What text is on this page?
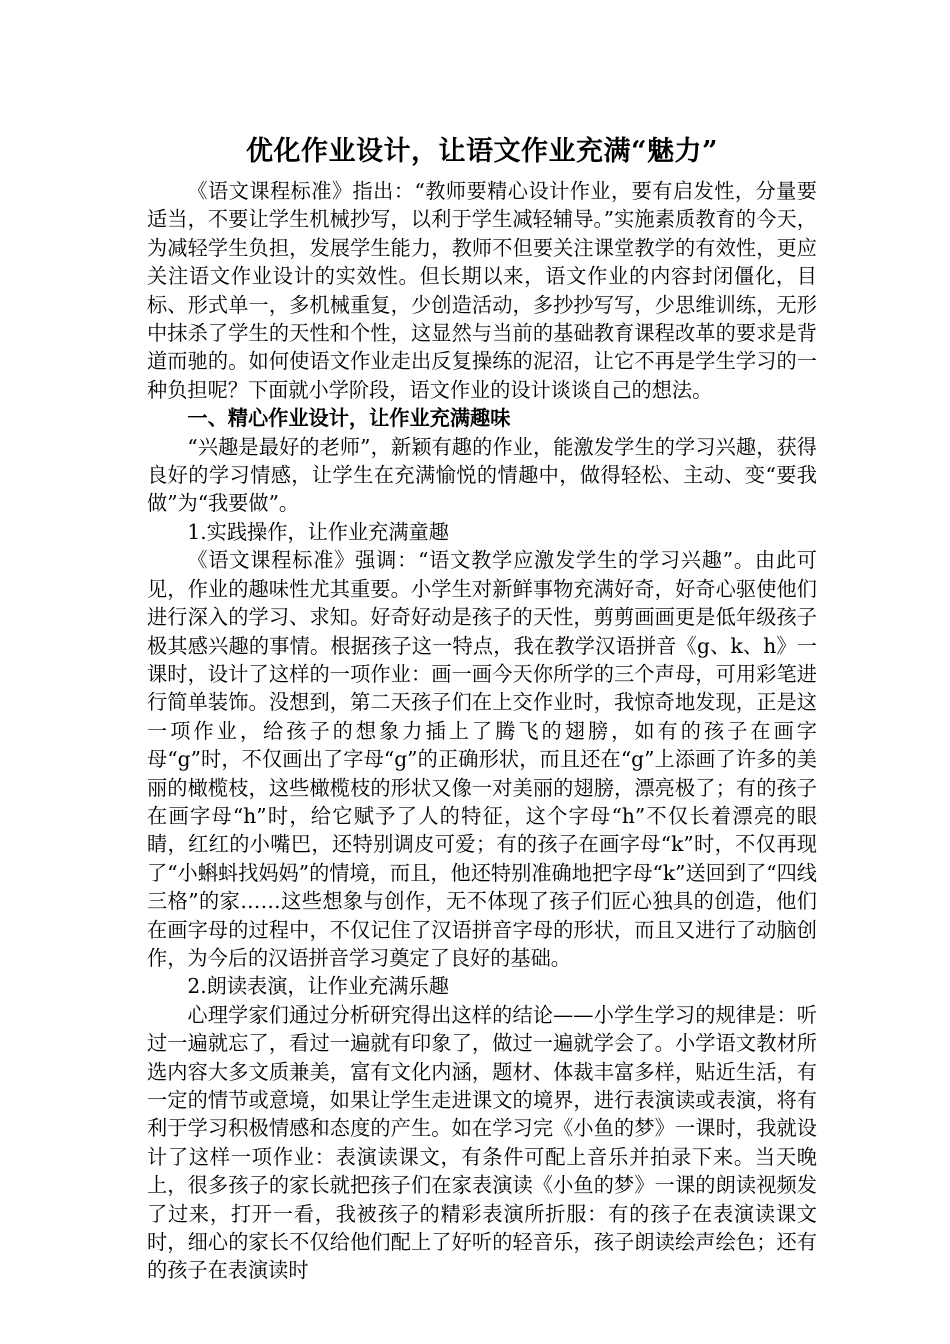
优化作业设计，让语文作业充满“魅力”

《语文课程标准》指出：“教师要精心设计作业，要有启发性，分量要适当，不要让学生机械抄写，以利于学生减轻辅导。”实施素质教育的今天，为减轻学生负担，发展学生能力，教师不但要关注课堂教学的有效性，更应关注语文作业设计的实效性。但长期以来，语文作业的内容封闭僵化，目标、形式单一，多机械重复，少创造活动，多抄抄写写，少思维训练，无形中抹杀了学生的天性和个性，这显然与当前的基础教育课程改革的要求是背道而驰的。如何使语文作业走出反复操练的泥沼，让它不再是学生学习的一种负担呢？下面就小学阶段，语文作业的设计谈谈自己的想法。

一、精心作业设计，让作业充满趣味

“兴趣是最好的老师”，新颖有趣的作业，能激发学生的学习兴趣，获得良好的学习情感，让学生在充满愉悦的情趣中，做得轻松、主动、变“要我做”为“我要做”。

1.实践操作，让作业充满童趣

《语文课程标准》强调：“语文教学应激发学生的学习兴趣”。由此可见，作业的趣味性尤其重要。小学生对新鲜事物充满好奇，好奇心驱使他们进行深入的学习、求知。好奇好动是孩子的天性，剪剪画画更是低年级孩子极其感兴趣的事情。根据孩子这一特点，我在教学汉语拼音《g、k、h》一课时，设计了这样的一项作业：画一画今天你所学的三个声母，可用彩笔进行简单装饰。没想到，第二天孩子们在上交作业时，我惊奇地发现，正是这一项作业，给孩子的想象力插上了腾飞的翅膀，如有的孩子在画字母“g”时，不仅画出了字母“g”的正确形状，而且还在“g”上添画了许多的美丽的橄榄枝，这些橄榄枝的形状又像一对美丽的翅膀，漂亮极了；有的孩子在画字母“h”时，给它赋予了人的特征，这个字母“h”不仅长着漂亮的眼睛，红红的小嘴巴，还特别调皮可爱；有的孩子在画字母“k”时，不仅再现了“小蝌蚪找妈妈”的情境，而且，他还特别准确地把字母“k”送回到了“四线三格”的家……这些想象与创作，无不体现了孩子们匠心独具的创造，他们在画字母的过程中，不仅记住了汉语拼音字母的形状，而且又进行了动脑创作，为今后的汉语拼音学习奠定了良好的基础。

2.朗读表演，让作业充满乐趣

心理学家们通过分析研究得出这样的结论——小学生学习的规律是：听过一遍就忘了，看过一遍就有印象了，做过一遍就学会了。小学语文教材所选内容大多文质兼美，富有文化内涵，题材、体裁丰富多样，贴近生活，有一定的情节或意境，如果让学生走进课文的境界，进行表演读或表演，将有利于学习积极情感和态度的产生。如在学习完《小鱼的梦》一课时，我就设计了这样一项作业：表演读课文，有条件可配上音乐并拍录下来。当天晚上，很多孩子的家长就把孩子们在家表演读《小鱼的梦》一课的朗读视频发了过来，打开一看，我被孩子的精彩表演所折服：有的孩子在表演读课文时，细心的家长不仅给他们配上了好听的轻音乐，孩子朗读绘声绘色；还有的孩子在表演读时
